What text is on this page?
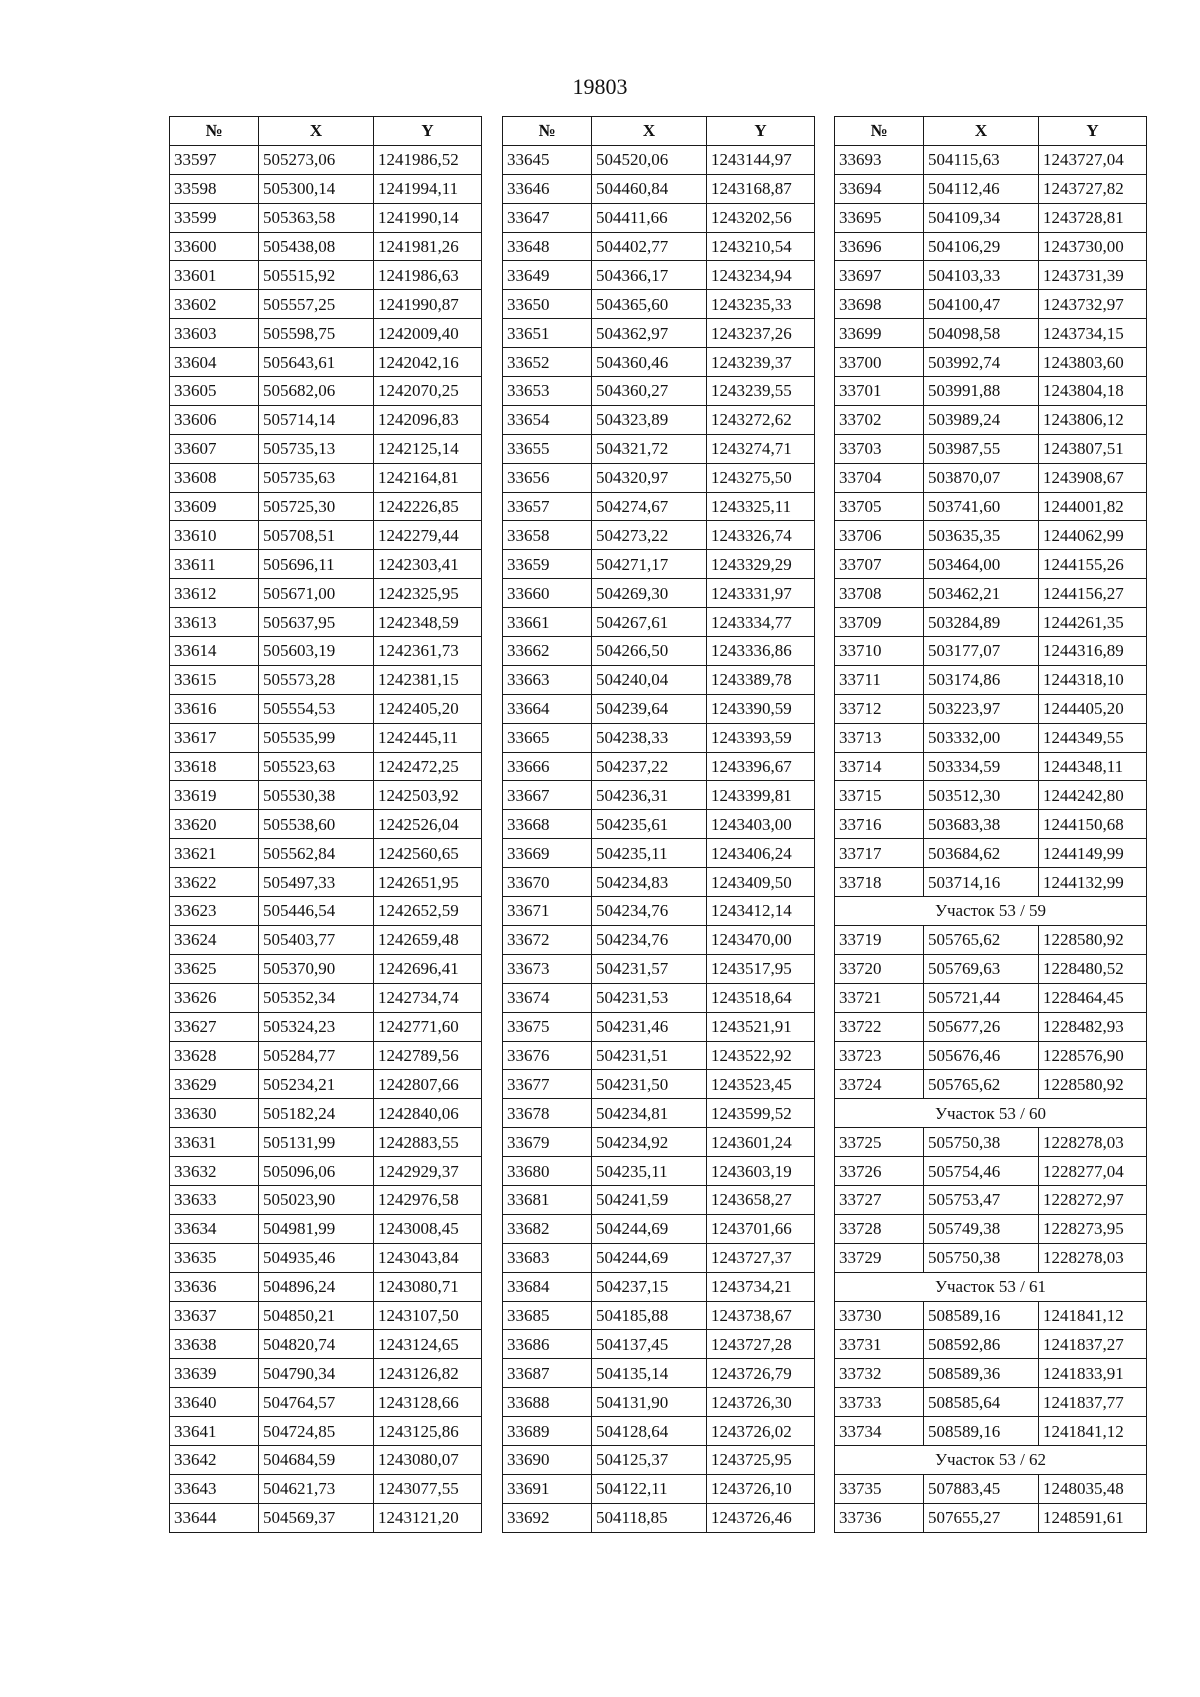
19803
№	X	Y
33597	505273,06	1241986,52
33598	505300,14	1241994,11
33599	505363,58	1241990,14
33600	505438,08	1241981,26
33601	505515,92	1241986,63
33602	505557,25	1241990,87
33603	505598,75	1242009,40
33604	505643,61	1242042,16
33605	505682,06	1242070,25
33606	505714,14	1242096,83
33607	505735,13	1242125,14
33608	505735,63	1242164,81
33609	505725,30	1242226,85
33610	505708,51	1242279,44
33611	505696,11	1242303,41
33612	505671,00	1242325,95
33613	505637,95	1242348,59
33614	505603,19	1242361,73
33615	505573,28	1242381,15
33616	505554,53	1242405,20
33617	505535,99	1242445,11
33618	505523,63	1242472,25
33619	505530,38	1242503,92
33620	505538,60	1242526,04
33621	505562,84	1242560,65
33622	505497,33	1242651,95
33623	505446,54	1242652,59
33624	505403,77	1242659,48
33625	505370,90	1242696,41
33626	505352,34	1242734,74
33627	505324,23	1242771,60
33628	505284,77	1242789,56
33629	505234,21	1242807,66
33630	505182,24	1242840,06
33631	505131,99	1242883,55
33632	505096,06	1242929,37
33633	505023,90	1242976,58
33634	504981,99	1243008,45
33635	504935,46	1243043,84
33636	504896,24	1243080,71
33637	504850,21	1243107,50
33638	504820,74	1243124,65
33639	504790,34	1243126,82
33640	504764,57	1243128,66
33641	504724,85	1243125,86
33642	504684,59	1243080,07
33643	504621,73	1243077,55
33644	504569,37	1243121,20
№	X	Y
33645	504520,06	1243144,97
33646	504460,84	1243168,87
33647	504411,66	1243202,56
33648	504402,77	1243210,54
33649	504366,17	1243234,94
33650	504365,60	1243235,33
33651	504362,97	1243237,26
33652	504360,46	1243239,37
33653	504360,27	1243239,55
33654	504323,89	1243272,62
33655	504321,72	1243274,71
33656	504320,97	1243275,50
33657	504274,67	1243325,11
33658	504273,22	1243326,74
33659	504271,17	1243329,29
33660	504269,30	1243331,97
33661	504267,61	1243334,77
33662	504266,50	1243336,86
33663	504240,04	1243389,78
33664	504239,64	1243390,59
33665	504238,33	1243393,59
33666	504237,22	1243396,67
33667	504236,31	1243399,81
33668	504235,61	1243403,00
33669	504235,11	1243406,24
33670	504234,83	1243409,50
33671	504234,76	1243412,14
33672	504234,76	1243470,00
33673	504231,57	1243517,95
33674	504231,53	1243518,64
33675	504231,46	1243521,91
33676	504231,51	1243522,92
33677	504231,50	1243523,45
33678	504234,81	1243599,52
33679	504234,92	1243601,24
33680	504235,11	1243603,19
33681	504241,59	1243658,27
33682	504244,69	1243701,66
33683	504244,69	1243727,37
33684	504237,15	1243734,21
33685	504185,88	1243738,67
33686	504137,45	1243727,28
33687	504135,14	1243726,79
33688	504131,90	1243726,30
33689	504128,64	1243726,02
33690	504125,37	1243725,95
33691	504122,11	1243726,10
33692	504118,85	1243726,46
№	X	Y
33693	504115,63	1243727,04
33694	504112,46	1243727,82
33695	504109,34	1243728,81
33696	504106,29	1243730,00
33697	504103,33	1243731,39
33698	504100,47	1243732,97
33699	504098,58	1243734,15
33700	503992,74	1243803,60
33701	503991,88	1243804,18
33702	503989,24	1243806,12
33703	503987,55	1243807,51
33704	503870,07	1243908,67
33705	503741,60	1244001,82
33706	503635,35	1244062,99
33707	503464,00	1244155,26
33708	503462,21	1244156,27
33709	503284,89	1244261,35
33710	503177,07	1244316,89
33711	503174,86	1244318,10
33712	503223,97	1244405,20
33713	503332,00	1244349,55
33714	503334,59	1244348,11
33715	503512,30	1244242,80
33716	503683,38	1244150,68
33717	503684,62	1244149,99
33718	503714,16	1244132,99
Участок 53 / 59		
33719	505765,62	1228580,92
33720	505769,63	1228480,52
33721	505721,44	1228464,45
33722	505677,26	1228482,93
33723	505676,46	1228576,90
33724	505765,62	1228580,92
Участок 53 / 60		
33725	505750,38	1228278,03
33726	505754,46	1228277,04
33727	505753,47	1228272,97
33728	505749,38	1228273,95
33729	505750,38	1228278,03
Участок 53 / 61		
33730	508589,16	1241841,12
33731	508592,86	1241837,27
33732	508589,36	1241833,91
33733	508585,64	1241837,77
33734	508589,16	1241841,12
Участок 53 / 62		
33735	507883,45	1248035,48
33736	507655,27	1248591,61
